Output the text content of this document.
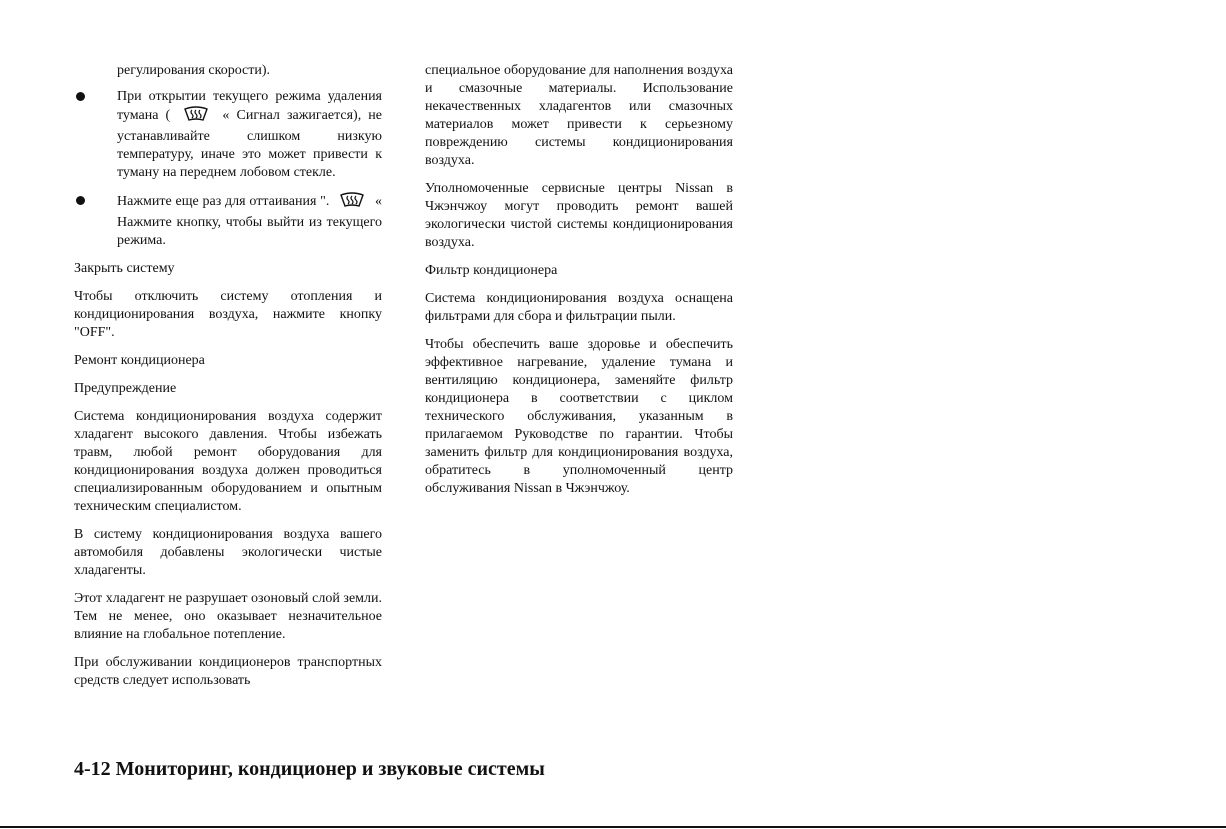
регулирования скорости).

При открытии текущего режима удаления тумана (	« Сигнал зажигается), не устанавливайте слишком низкую температуру, иначе это может привести к туману на переднем лобовом стекле.
Нажмите еще раз для оттаивания ".	« Нажмите кнопку, чтобы выйти из текущего режима.

Закрыть систему

Чтобы отключить систему отопления и кондиционирования воздуха, нажмите кнопку "OFF".

Ремонт кондиционера

Предупреждение

Система кондиционирования воздуха содержит хладагент высокого давления. Чтобы избежать травм, любой ремонт оборудования для кондиционирования воздуха должен проводиться специализированным оборудованием и опытным техническим специалистом.

В систему кондиционирования воздуха вашего автомобиля добавлены экологически чистые хладагенты.

Этот хладагент не разрушает озоновый слой земли. Тем не менее, оно оказывает незначительное влияние на глобальное потепление.

При обслуживании кондиционеров транспортных средств следует использовать

специальное оборудование для наполнения воздуха и смазочные материалы. Использование некачественных хладагентов или смазочных материалов может привести к серьезному повреждению системы кондиционирования воздуха.

Уполномоченные сервисные центры Nissan в Чжэнчжоу могут проводить ремонт вашей экологически чистой системы кондиционирования воздуха.

Фильтр кондиционера

Система кондиционирования воздуха оснащена фильтрами для сбора и фильтрации пыли.

Чтобы обеспечить ваше здоровье и обеспечить эффективное нагревание, удаление тумана и вентиляцию кондиционера, заменяйте фильтр кондиционера в соответствии с циклом технического обслуживания, указанным в прилагаемом Руководстве по гарантии. Чтобы заменить фильтр для кондиционирования воздуха, обратитесь в уполномоченный центр обслуживания Nissan в Чжэнчжоу.

4-12 Мониторинг, кондиционер и звуковые системы
